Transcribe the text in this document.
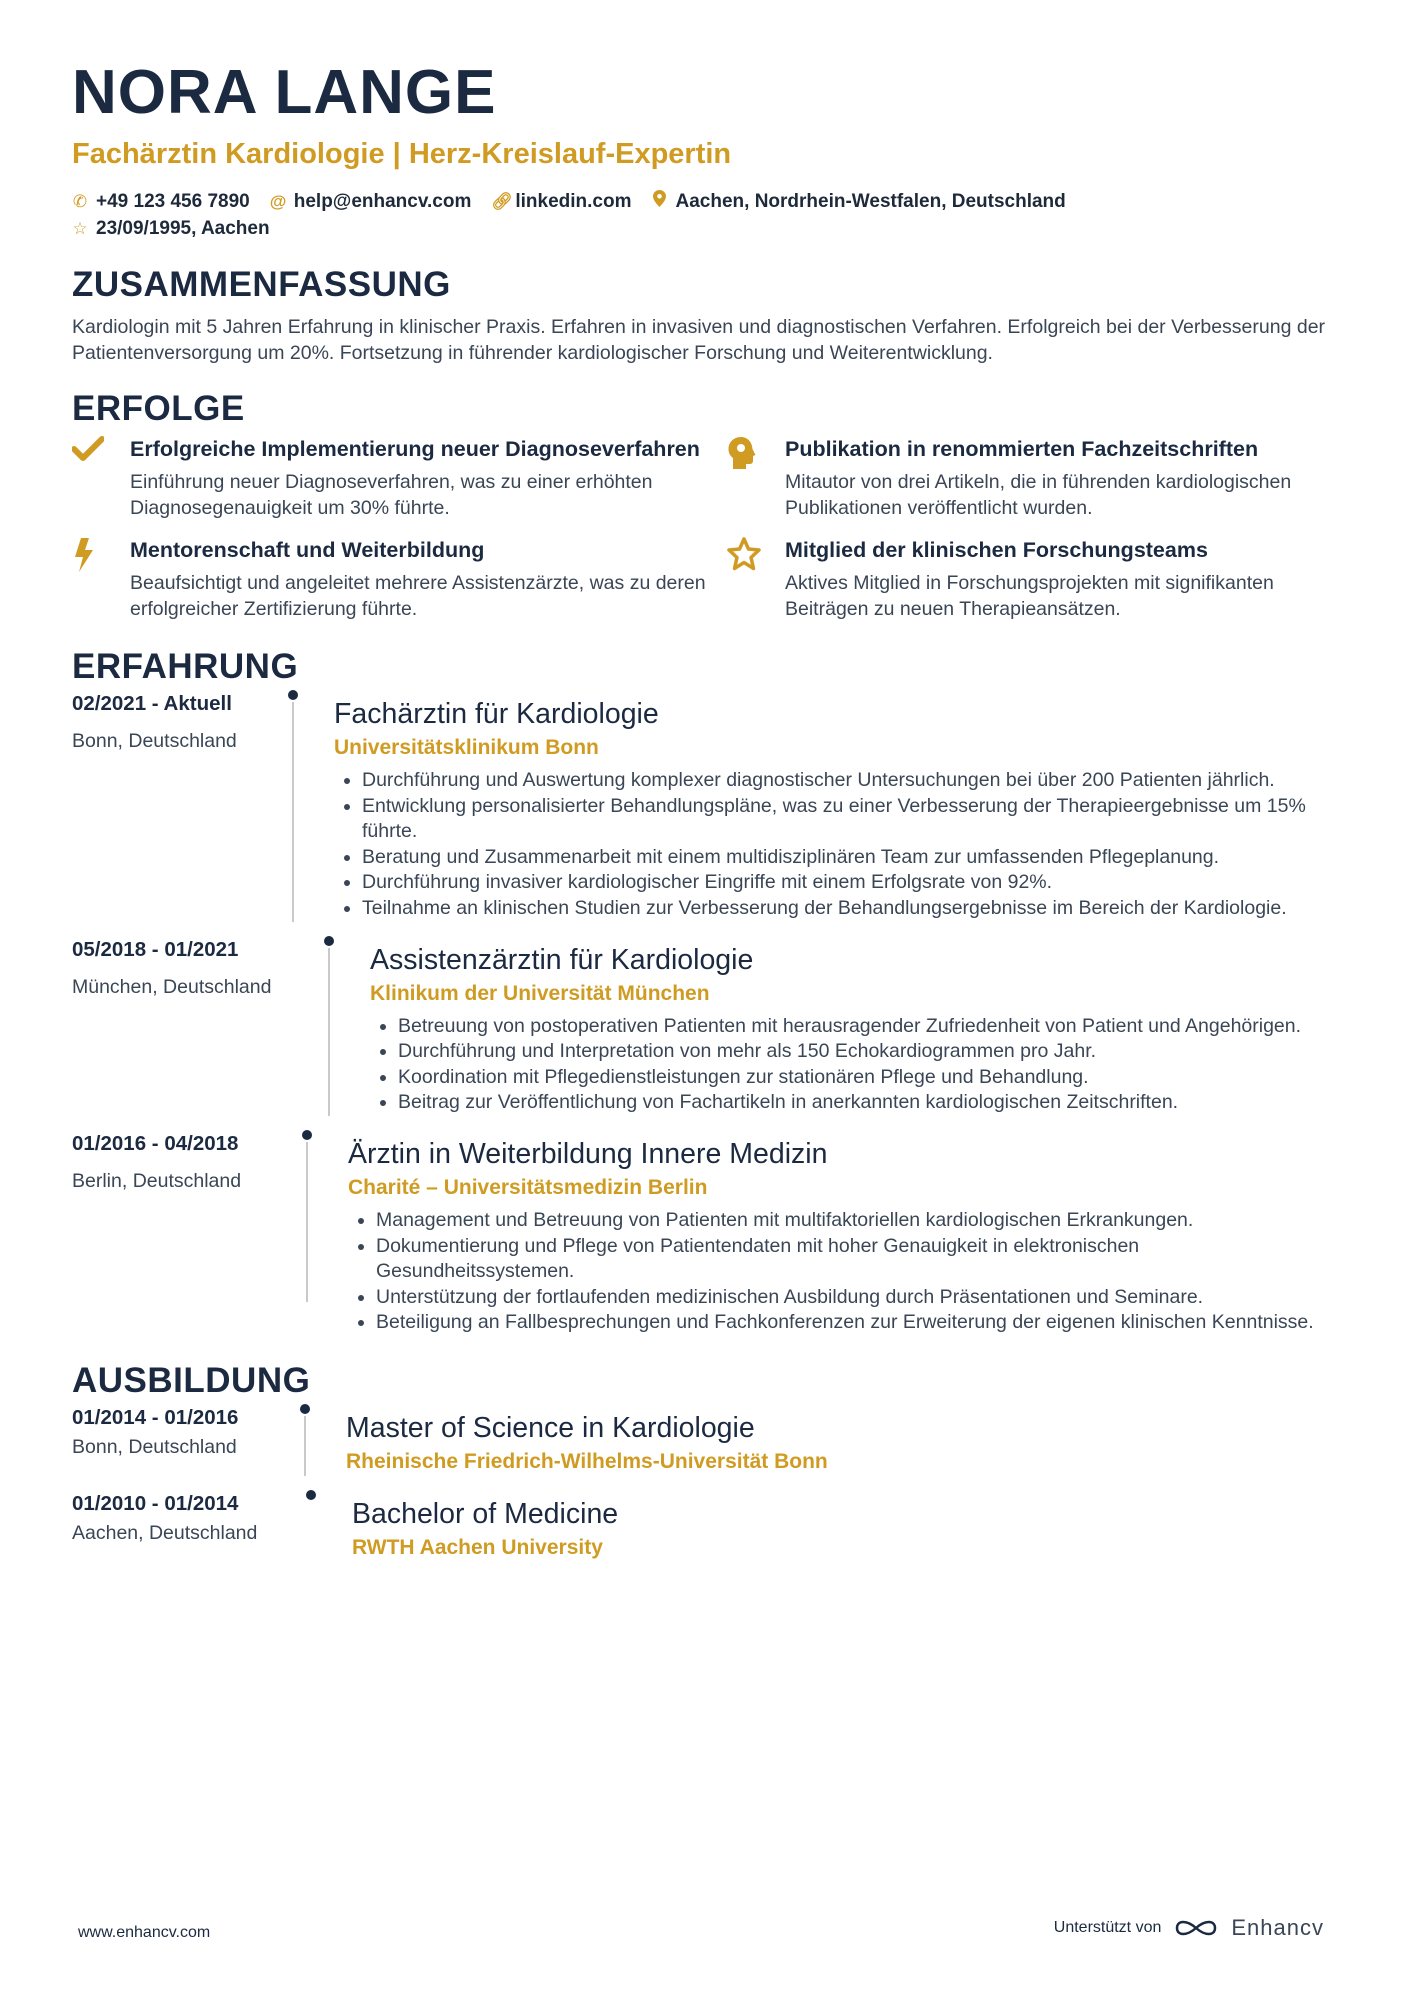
NORA LANGE
Fachärztin Kardiologie | Herz-Kreislauf-Expertin
✆ +49 123 456 7890 @ help@enhancv.com 🔗︎ linkedin.com Aachen, Nordrhein-Westfalen, Deutschland
☆ 23/09/1995, Aachen
ZUSAMMENFASSUNG
Kardiologin mit 5 Jahren Erfahrung in klinischer Praxis. Erfahren in invasiven und diagnostischen Verfahren. Erfolgreich bei der Verbesserung der Patientenversorgung um 20%. Fortsetzung in führender kardiologischer Forschung und Weiterentwicklung.
ERFOLGE
Erfolgreiche Implementierung neuer Diagnoseverfahren

Einführung neuer Diagnoseverfahren, was zu einer erhöhten Diagnosegenauigkeit um 30% führte.

Publikation in renommierten Fachzeitschriften

Mitautor von drei Artikeln, die in führenden kardiologischen Publikationen veröffentlicht wurden.

Mentorenschaft und Weiterbildung

Beaufsichtigt und angeleitet mehrere Assistenzärzte, was zu deren erfolgreicher Zertifizierung führte.

Mitglied der klinischen Forschungsteams

Aktives Mitglied in Forschungsprojekten mit signifikanten Beiträgen zu neuen Therapieansätzen.

ERFAHRUNG
02/2021 - Aktuell
Bonn, Deutschland
Fachärztin für Kardiologie
Universitätsklinikum Bonn
• Durchführung und Auswertung komplexer diagnostischer Untersuchungen bei über 200 Patienten jährlich.
• Entwicklung personalisierter Behandlungspläne, was zu einer Verbesserung der Therapieergebnisse um 15% führte.
• Beratung und Zusammenarbeit mit einem multidisziplinären Team zur umfassenden Pflegeplanung.
• Durchführung invasiver kardiologischer Eingriffe mit einem Erfolgsrate von 92%.
• Teilnahme an klinischen Studien zur Verbesserung der Behandlungsergebnisse im Bereich der Kardiologie.
05/2018 - 01/2021
München, Deutschland
Assistenzärztin für Kardiologie
Klinikum der Universität München
• Betreuung von postoperativen Patienten mit herausragender Zufriedenheit von Patient und Angehörigen.
• Durchführung und Interpretation von mehr als 150 Echokardiogrammen pro Jahr.
• Koordination mit Pflegedienstleistungen zur stationären Pflege und Behandlung.
• Beitrag zur Veröffentlichung von Fachartikeln in anerkannten kardiologischen Zeitschriften.
01/2016 - 04/2018
Berlin, Deutschland
Ärztin in Weiterbildung Innere Medizin
Charité – Universitätsmedizin Berlin
• Management und Betreuung von Patienten mit multifaktoriellen kardiologischen Erkrankungen.
• Dokumentierung und Pflege von Patientendaten mit hoher Genauigkeit in elektronischen Gesundheitssystemen.
• Unterstützung der fortlaufenden medizinischen Ausbildung durch Präsentationen und Seminare.
• Beteiligung an Fallbesprechungen und Fachkonferenzen zur Erweiterung der eigenen klinischen Kenntnisse.
AUSBILDUNG
01/2014 - 01/2016
Bonn, Deutschland
Master of Science in Kardiologie
Rheinische Friedrich-Wilhelms-Universität Bonn
01/2010 - 01/2014
Aachen, Deutschland
Bachelor of Medicine
RWTH Aachen University
www.enhancv.com	Unterstützt von	Enhancv
